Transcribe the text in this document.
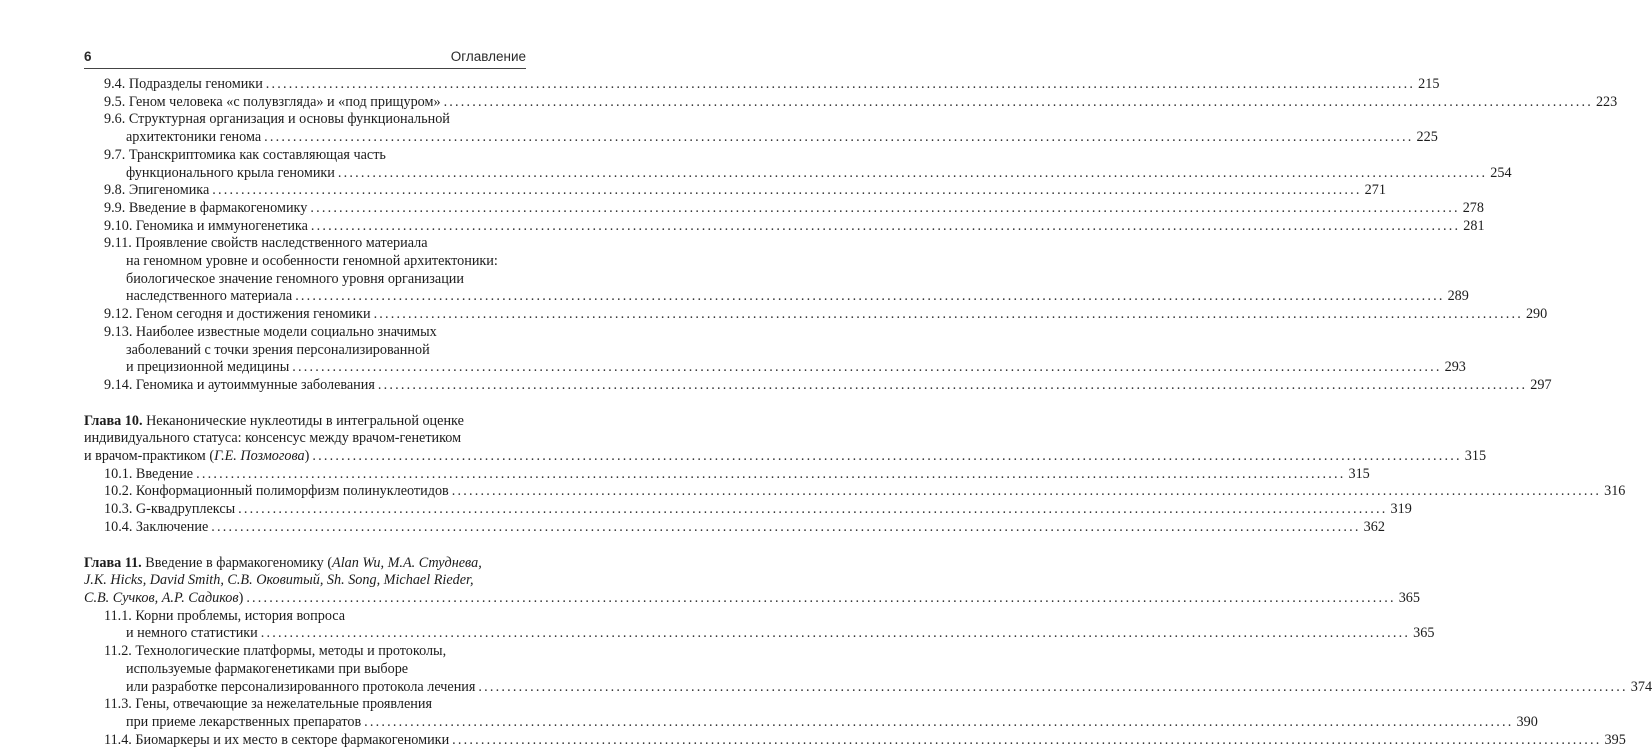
6	Оглавление
9.4. Подразделы геномики ........................................................................................................................................................................................................ 215
9.5. Геном человека «с полувзгляда» и «под прищуром» ........................................................................................................................................................................................................ 223
9.6. Структурная организация и основы функциональной
архитектоники генома ........................................................................................................................................................................................................ 225
9.7. Транскриптомика как составляющая часть
функционального крыла геномики ........................................................................................................................................................................................................ 254
9.8. Эпигеномика ........................................................................................................................................................................................................ 271
9.9. Введение в фармакогеномику ........................................................................................................................................................................................................ 278
9.10. Геномика и иммуногенетика ........................................................................................................................................................................................................ 281
9.11. Проявление свойств наследственного материала
на геномном уровне и особенности геномной архитектоники:
биологическое значение геномного уровня организации
наследственного материала ........................................................................................................................................................................................................ 289
9.12. Геном сегодня и достижения геномики ........................................................................................................................................................................................................ 290
9.13. Наиболее известные модели социально значимых
заболеваний с точки зрения персонализированной
и прецизионной медицины ........................................................................................................................................................................................................ 293
9.14. Геномика и аутоиммунные заболевания ........................................................................................................................................................................................................ 297
Глава 10. Неканонические нуклеотиды в интегральной оценке
индивидуального статуса: консенсус между врачом-генетиком
и врачом-практиком (Г.Е. Позмогова) ........................................................................................................................................................................................................ 315
10.1. Введение ........................................................................................................................................................................................................ 315
10.2. Конформационный полиморфизм полинуклеотидов ........................................................................................................................................................................................................ 316
10.3. G-квадруплексы ........................................................................................................................................................................................................ 319
10.4. Заключение ........................................................................................................................................................................................................ 362
Глава 11. Введение в фармакогеномику (Alan Wu, М.А. Студнева,
J.K. Hicks, David Smith, С.В. Оковитый, Sh. Song, Michael Rieder,
С.В. Сучков, А.Р. Садиков) ........................................................................................................................................................................................................ 365
11.1. Корни проблемы, история вопроса
и немного статистики ........................................................................................................................................................................................................ 365
11.2. Технологические платформы, методы и протоколы,
используемые фармакогенетиками при выборе
или разработке персонализированного протокола лечения ........................................................................................................................................................................................................ 374
11.3. Гены, отвечающие за нежелательные проявления
при приеме лекарственных препаратов ........................................................................................................................................................................................................ 390
11.4. Биомаркеры и их место в секторе фармакогеномики ........................................................................................................................................................................................................ 395
